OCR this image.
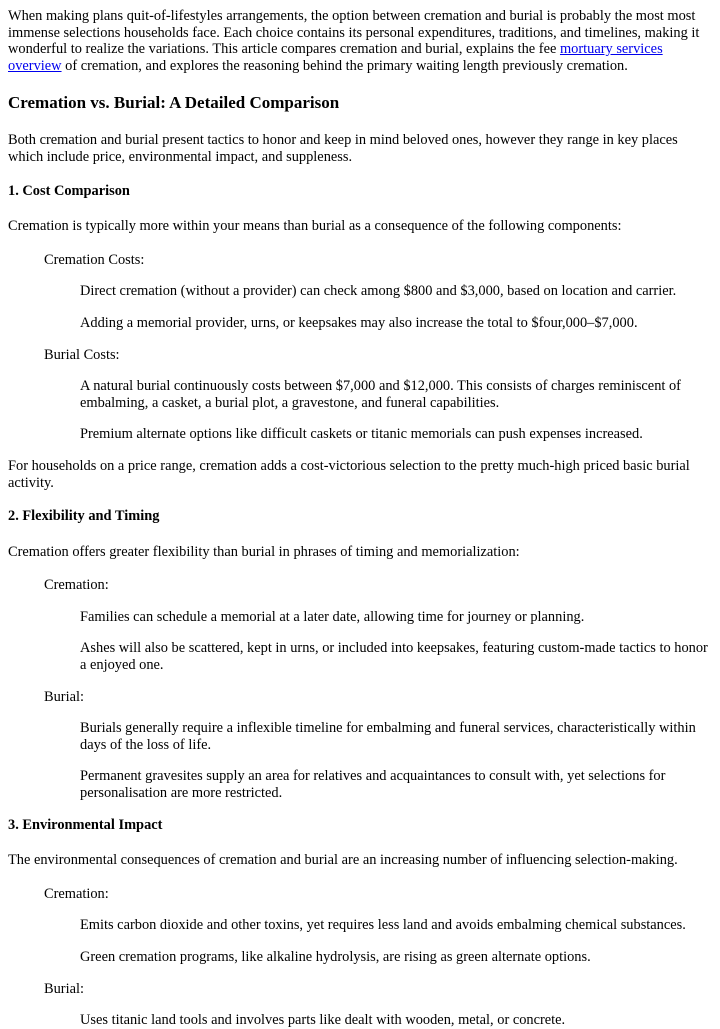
When making plans quit-of-lifestyles arrangements, the option between cremation and burial is probably the most most immense selections households face. Each choice contains its personal expenditures, traditions, and timelines, making it wonderful to realize the variations. This article compares cremation and burial, explains the fee mortuary services overview of cremation, and explores the reasoning behind the primary waiting length previously cremation.

Cremation vs. Burial: A Detailed Comparison

Both cremation and burial present tactics to honor and keep in mind beloved ones, however they range in key places which include price, environmental impact, and suppleness.

1. Cost Comparison

Cremation is typically more within your means than burial as a consequence of the following components:

Cremation Costs:

Direct cremation (without a provider) can check among $800 and $3,000, based on location and carrier.

Adding a memorial provider, urns, or keepsakes may also increase the total to $four,000–$7,000.

Burial Costs:

A natural burial continuously costs between $7,000 and $12,000. This consists of charges reminiscent of embalming, a casket, a burial plot, a gravestone, and funeral capabilities.

Premium alternate options like difficult caskets or titanic memorials can push expenses increased.

For households on a price range, cremation adds a cost-victorious selection to the pretty much-high priced basic burial activity.

2. Flexibility and Timing

Cremation offers greater flexibility than burial in phrases of timing and memorialization:

Cremation:

Families can schedule a memorial at a later date, allowing time for journey or planning.

Ashes will also be scattered, kept in urns, or included into keepsakes, featuring custom-made tactics to honor a enjoyed one.

Burial:

Burials generally require a inflexible timeline for embalming and funeral services, characteristically within days of the loss of life.

Permanent gravesites supply an area for relatives and acquaintances to consult with, yet selections for personalisation are more restricted.

3. Environmental Impact

The environmental consequences of cremation and burial are an increasing number of influencing selection-making.

Cremation:

Emits carbon dioxide and other toxins, yet requires less land and avoids embalming chemical substances.

Green cremation programs, like alkaline hydrolysis, are rising as green alternate options.

Burial:

Uses titanic land tools and involves parts like dealt with wooden, metal, or concrete.
